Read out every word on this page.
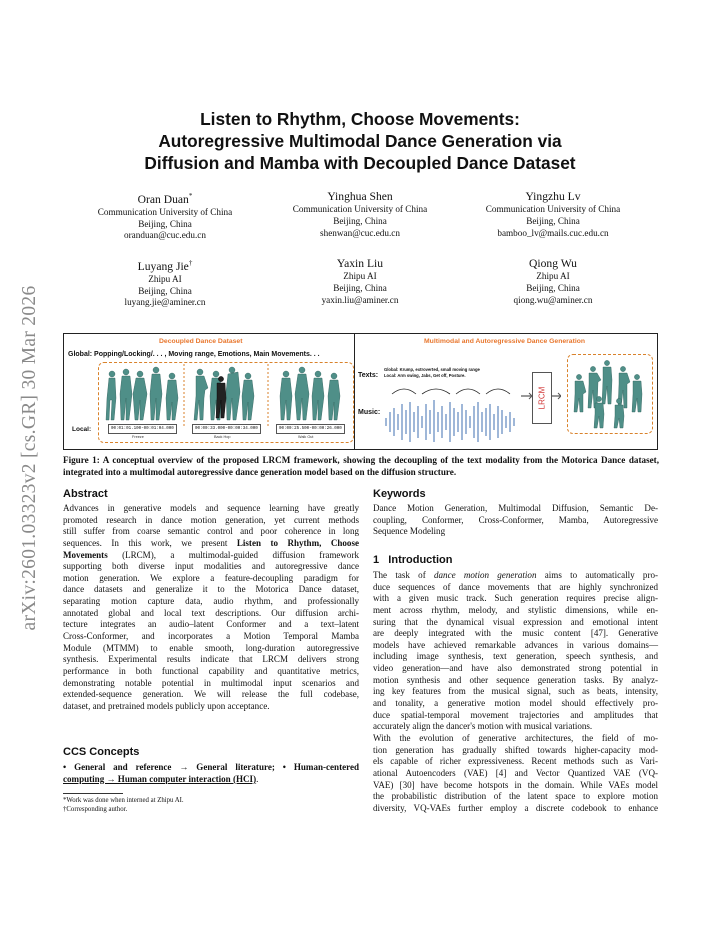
arXiv:2601.03323v2 [cs.GR] 30 Mar 2026
Listen to Rhythm, Choose Movements:
Autoregressive Multimodal Dance Generation via
Diffusion and Mamba with Decoupled Dance Dataset
Oran Duan*
Communication University of China
Beijing, China
oranduan@cuc.edu.cn
Yinghua Shen
Communication University of China
Beijing, China
shenwan@cuc.edu.cn
Yingzhu Lv
Communication University of China
Beijing, China
bamboo_lv@mails.cuc.edu.cn
Luyang Jie†
Zhipu AI
Beijing, China
luyang.jie@aminer.cn
Yaxin Liu
Zhipu AI
Beijing, China
yaxin.liu@aminer.cn
Qiong Wu
Zhipu AI
Beijing, China
qiong.wu@aminer.cn
Decoupled Dance Dataset
Global: Popping/Locking/. . . , Moving range, Emotions, Main Movements. . .
Local:	00:01:01.100-00:01:04.000	00:00:33.000-00:00:34.000	00:00:25.500-00:00:26.000
Freeze	Back Hop	Walk Out
Multimodal and Autoregressive Dance Generation
Texts:
Global: Krump, extroverted, small moving range
Local: Arm swing, Jabs, Get off, Posture.
Music:
LRCM
Figure 1: A conceptual overview of the proposed LRCM framework, showing the decoupling of the text modality from the Motorica Dance dataset, integrated into a multimodal autoregressive dance generation model based on the diffusion structure.
Abstract
Advances in generative models and sequence learning have greatly
promoted research in dance motion generation, yet current methods
still suffer from coarse semantic control and poor coherence in long
sequences. In this work, we present Listen to Rhythm, Choose
Movements (LRCM), a multimodal-guided diffusion framework
supporting both diverse input modalities and autoregressive dance
motion generation. We explore a feature-decoupling paradigm for
dance datasets and generalize it to the Motorica Dance dataset,
separating motion capture data, audio rhythm, and professionally
annotated global and local text descriptions. Our diffusion archi-
tecture integrates an audio–latent Conformer and a text–latent
Cross-Conformer, and incorporates a Motion Temporal Mamba
Module (MTMM) to enable smooth, long-duration autoregressive
synthesis. Experimental results indicate that LRCM delivers strong
performance in both functional capability and quantitative metrics,
demonstrating notable potential in multimodal input scenarios and
extended-sequence generation. We will release the full codebase,
dataset, and pretrained models publicly upon acceptance.
CCS Concepts
• General and reference → General literature; • Human-centered
computing → Human computer interaction (HCI).
*Work was done when interned at Zhipu AI.
†Corresponding author.
Keywords
Dance Motion Generation, Multimodal Diffusion, Semantic De-
coupling, Conformer, Cross-Conformer, Mamba, Autoregressive
Sequence Modeling
1 Introduction
The task of dance motion generation aims to automatically pro-
duce sequences of dance movements that are highly synchronized
with a given music track. Such generation requires precise align-
ment across rhythm, melody, and stylistic dimensions, while en-
suring that the dynamical visual expression and emotional intent
are deeply integrated with the music content [47]. Generative
models have achieved remarkable advances in various domains—
including image synthesis, text generation, speech synthesis, and
video generation—and have also demonstrated strong potential in
motion synthesis and other sequence generation tasks. By analyz-
ing key features from the musical signal, such as beats, intensity,
and tonality, a generative motion model should effectively pro-
duce spatial-temporal movement trajectories and amplitudes that
accurately align the dancer's motion with musical variations.
With the evolution of generative architectures, the field of mo-
tion generation has gradually shifted towards higher-capacity mod-
els capable of richer expressiveness. Recent methods such as Vari-
ational Autoencoders (VAE) [4] and Vector Quantized VAE (VQ-
VAE) [30] have become hotspots in the domain. While VAEs model
the probabilistic distribution of the latent space to explore motion
diversity, VQ-VAEs further employ a discrete codebook to enhance
